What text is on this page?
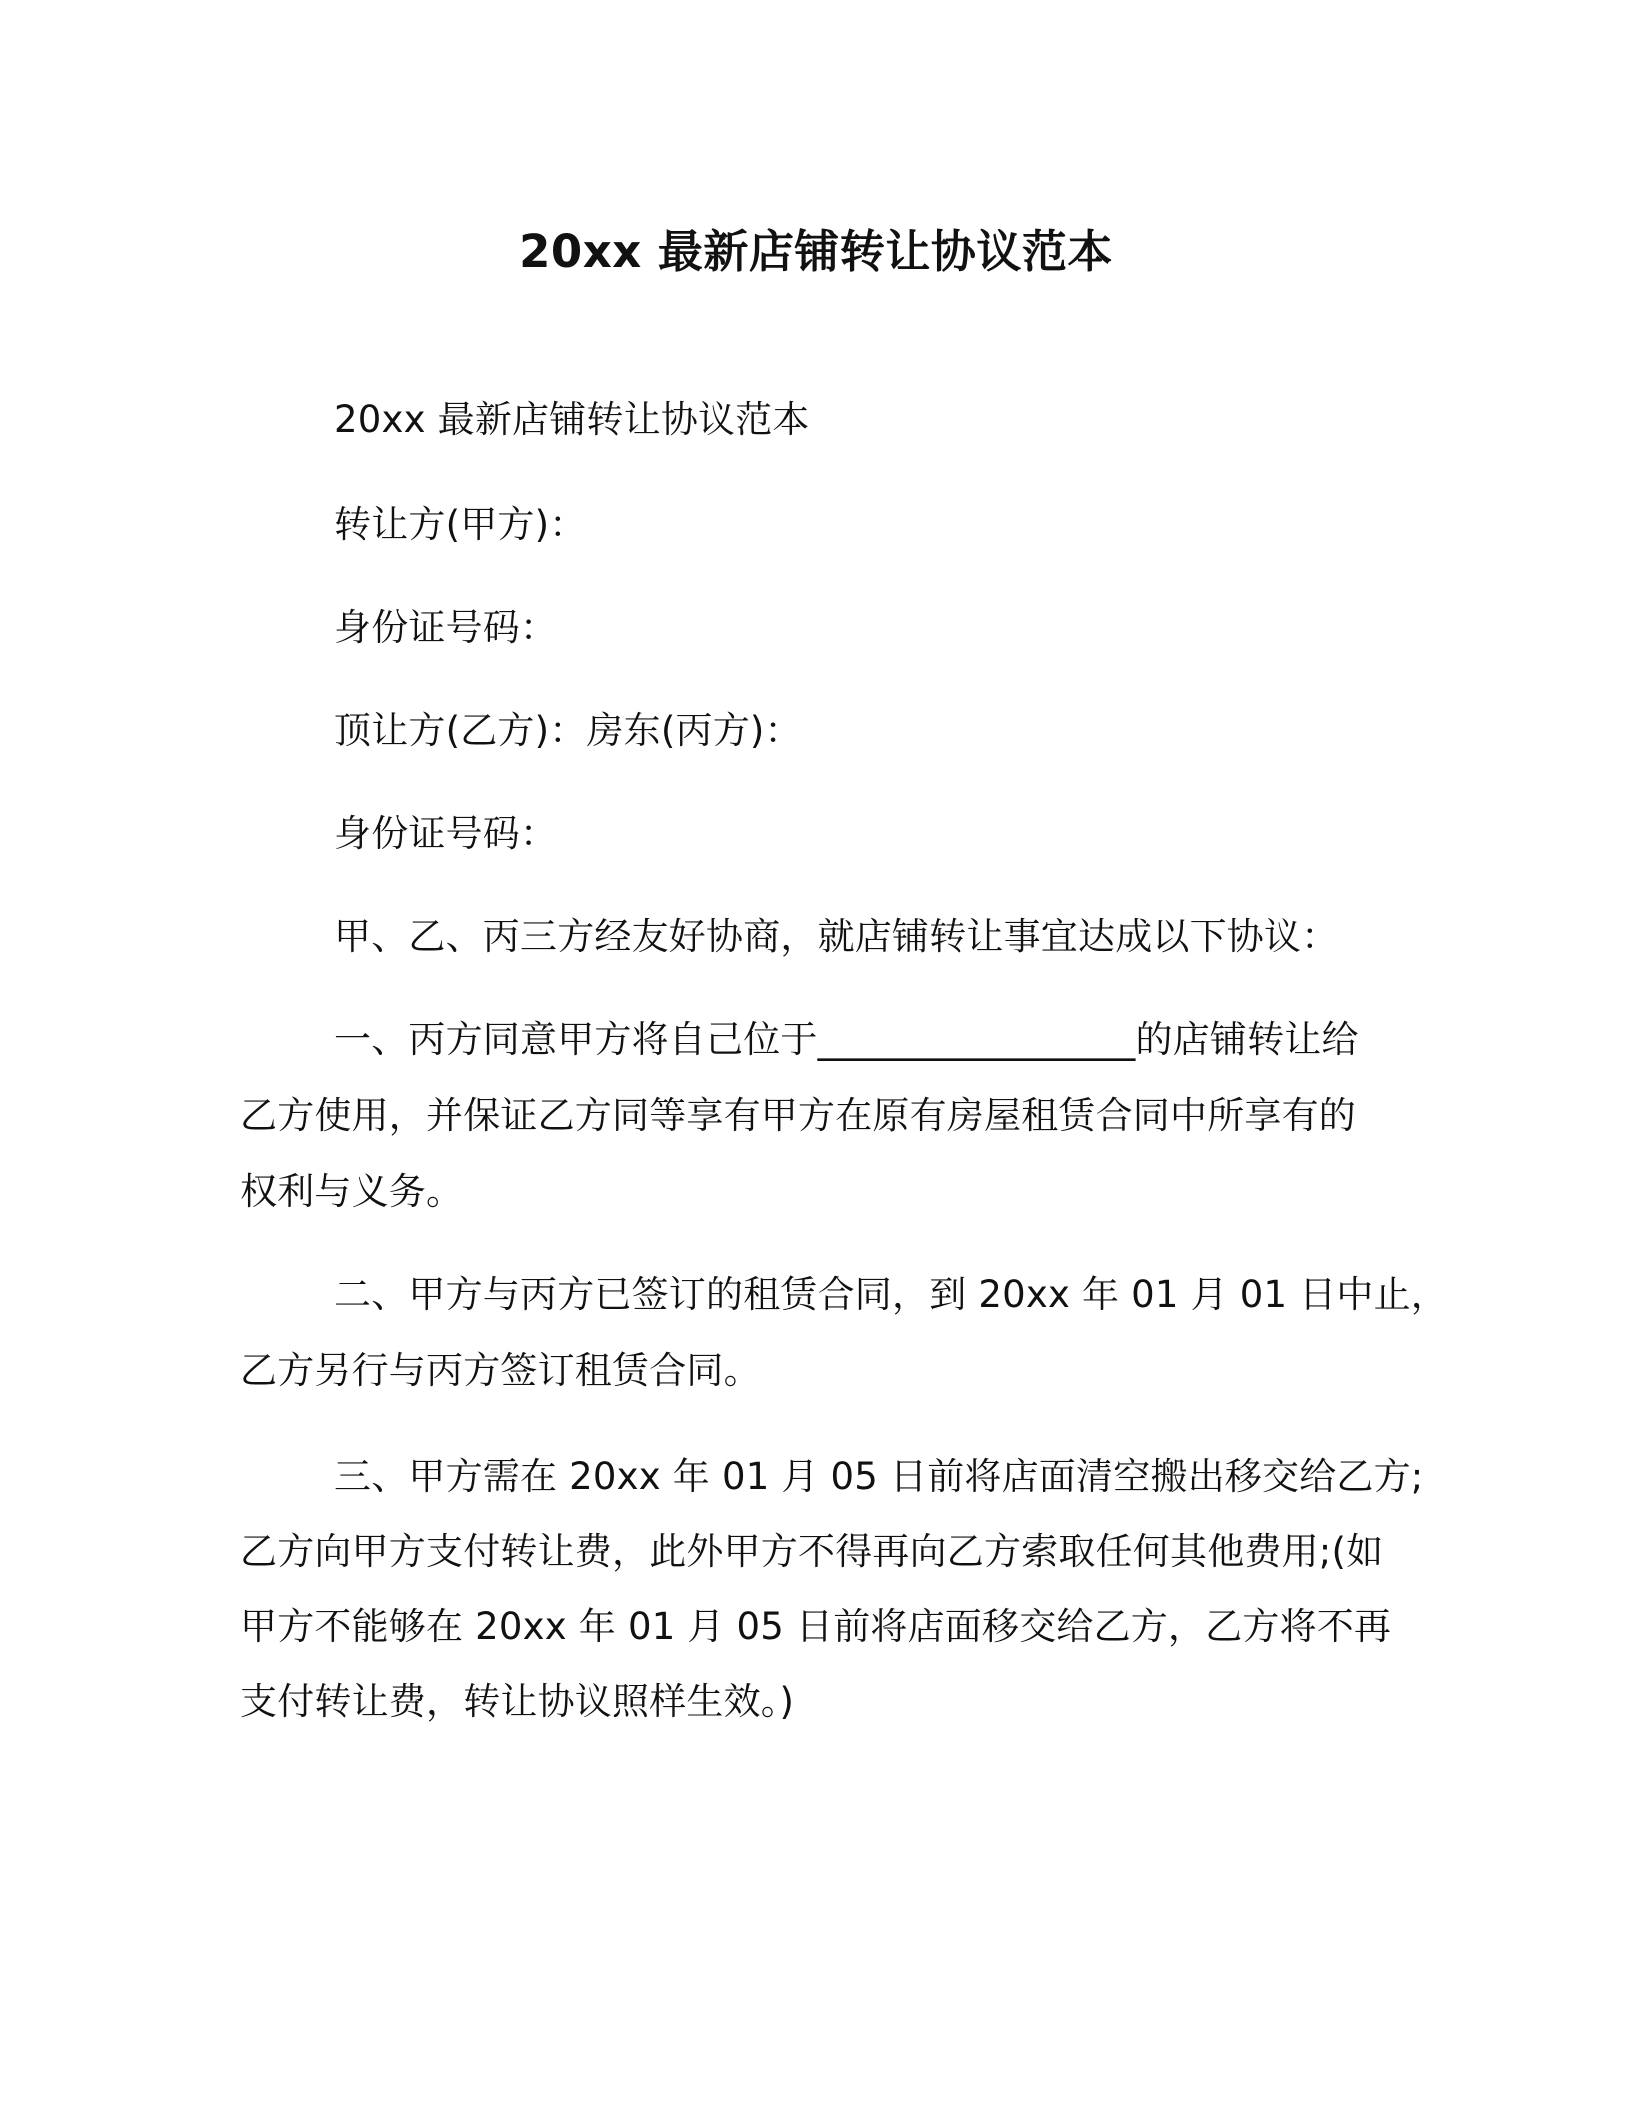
20xx 最新店铺转让协议范本
20xx 最新店铺转让协议范本
转让方(甲方)：
身份证号码：
顶让方(乙方)：房东(丙方)：
身份证号码：
甲、乙、丙三方经友好协商，就店铺转让事宜达成以下协议：
一、丙方同意甲方将自己位于_________________的店铺转让给
乙方使用，并保证乙方同等享有甲方在原有房屋租赁合同中所享有的
权利与义务。
二、甲方与丙方已签订的租赁合同，到 20xx 年 01 月 01 日中止，
乙方另行与丙方签订租赁合同。
三、甲方需在 20xx 年 01 月 05 日前将店面清空搬出移交给乙方;
乙方向甲方支付转让费，此外甲方不得再向乙方索取任何其他费用;(如
甲方不能够在 20xx 年 01 月 05 日前将店面移交给乙方，乙方将不再
支付转让费，转让协议照样生效。)
